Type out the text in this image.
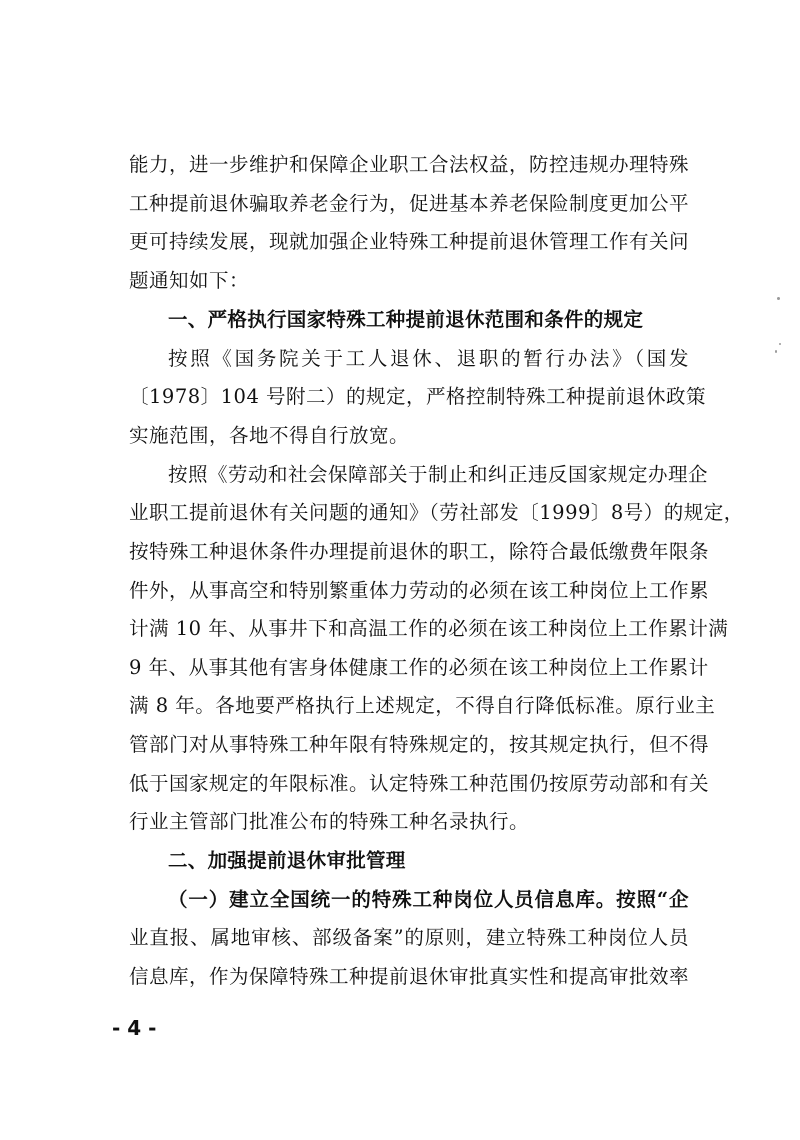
能力，进一步维护和保障企业职工合法权益，防控违规办理特殊
工种提前退休骗取养老金行为，促进基本养老保险制度更加公平
更可持续发展，现就加强企业特殊工种提前退休管理工作有关问
题通知如下：
一、严格执行国家特殊工种提前退休范围和条件的规定
按照《国务院关于工人退休、退职的暂行办法》（国发
〔1978〕104 号附二）的规定，严格控制特殊工种提前退休政策
实施范围，各地不得自行放宽。
按照《劳动和社会保障部关于制止和纠正违反国家规定办理企
业职工提前退休有关问题的通知》（劳社部发〔1999〕8号）的规定，
按特殊工种退休条件办理提前退休的职工，除符合最低缴费年限条
件外，从事高空和特别繁重体力劳动的必须在该工种岗位上工作累
计满 10 年、从事井下和高温工作的必须在该工种岗位上工作累计满
9 年、从事其他有害身体健康工作的必须在该工种岗位上工作累计
满 8 年。各地要严格执行上述规定，不得自行降低标准。原行业主
管部门对从事特殊工种年限有特殊规定的，按其规定执行，但不得
低于国家规定的年限标准。认定特殊工种范围仍按原劳动部和有关
行业主管部门批准公布的特殊工种名录执行。
二、加强提前退休审批管理
（一）建立全国统一的特殊工种岗位人员信息库。按照“企
业直报、属地审核、部级备案”的原则，建立特殊工种岗位人员
信息库，作为保障特殊工种提前退休审批真实性和提高审批效率
- 4 -
